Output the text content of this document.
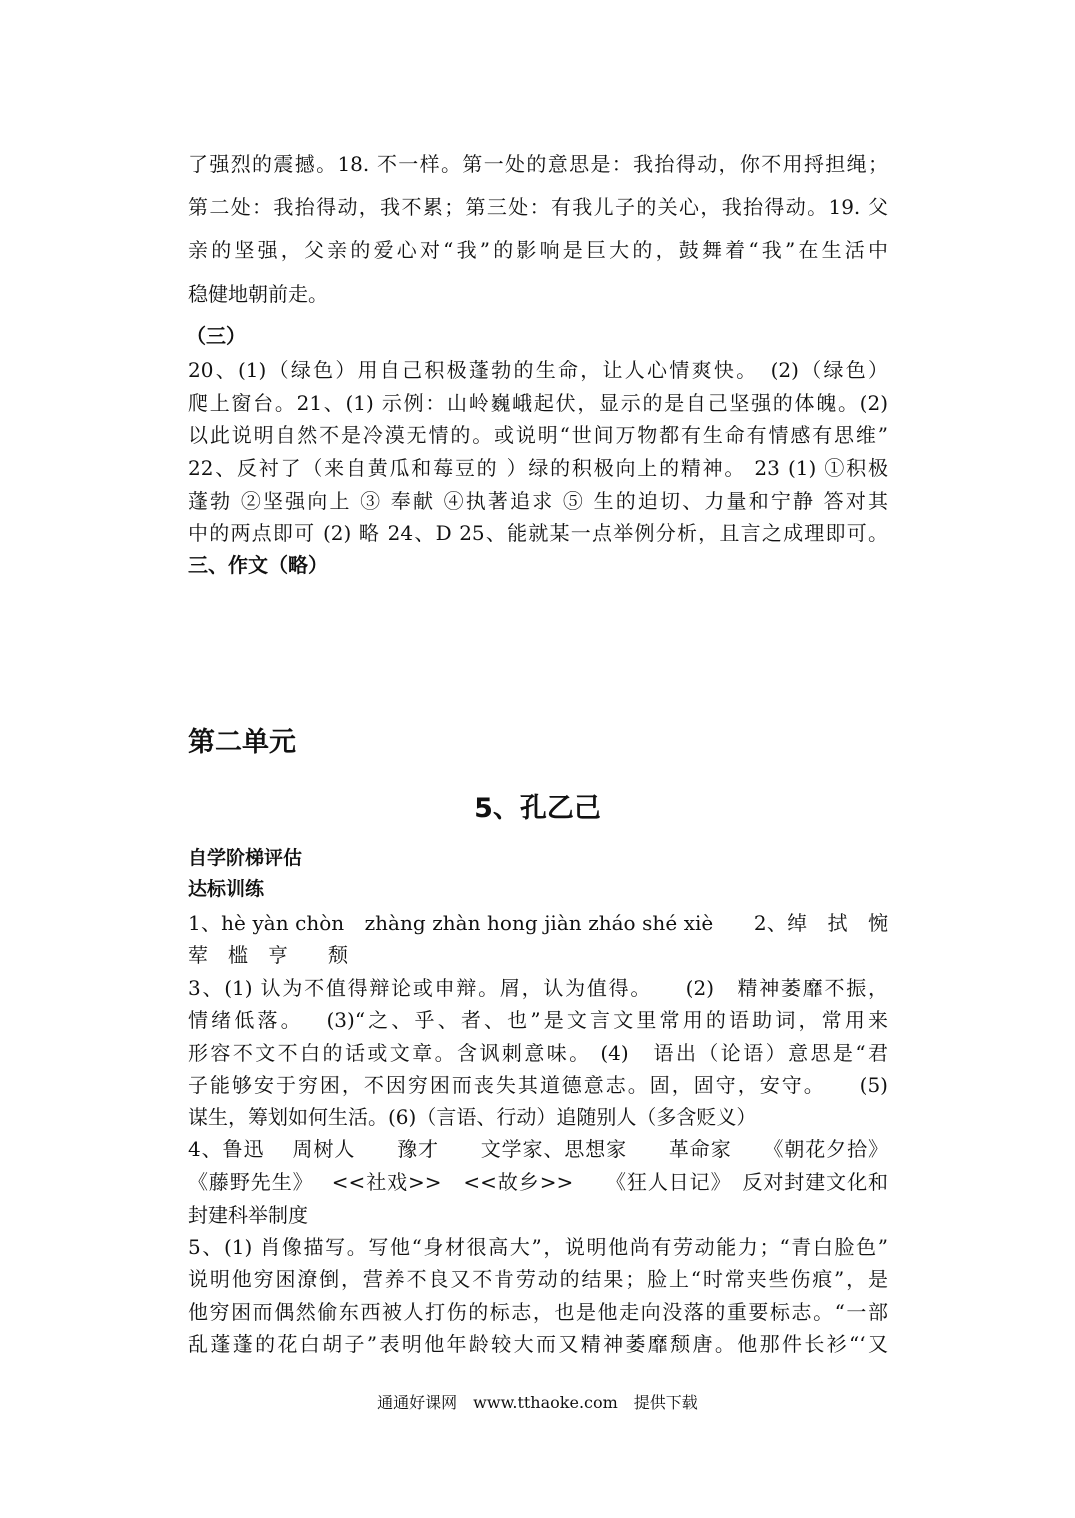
了强烈的震撼。18. 不一样。第一处的意思是：我抬得动，你不用捋担绳；
第二处：我抬得动，我不累；第三处：有我儿子的关心，我抬得动。19. 父
亲的坚强，父亲的爱心对“我”的影响是巨大的，鼓舞着“我”在生活中
稳健地朝前走。
（三）
20、(1)（绿色）用自己积极蓬勃的生命，让人心情爽快。　(2)（绿色）
爬上窗台。21、(1) 示例：山岭巍峨起伏，显示的是自己坚强的体魄。(2)
以此说明自然不是冷漠无情的。或说明“世间万物都有生命有情感有思维”
22、反衬了（来自黄瓜和莓豆的 ）绿的积极向上的精神。 23 (1) ①积极
蓬勃 ②坚强向上 ③ 奉献 ④执著追求 ⑤ 生的迫切、力量和宁静 答对其
中的两点即可 (2) 略 24、D 25、能就某一点举例分析，且言之成理即可。
三、作文（略）
第二单元
5、孔乙己
自学阶梯评估
达标训练
1、hè yàn chòn　zhàng zhàn hong jiàn zháo shé xiè　　2、绰　拭　惋
荤　槛　亨　　颓
3、(1) 认为不值得辩论或申辩。屑，认为值得。　　(2)　精神萎靡不振，
情绪低落。　 (3)“之、乎、者、也”是文言文里常用的语助词，常用来
形容不文不白的话或文章。含讽刺意味。 (4)　语出（论语）意思是“君
子能够安于穷困，不因穷困而丧失其道德意志。固，固守，安守。　　(5)
谋生，筹划如何生活。(6)（言语、行动）追随别人（多含贬义）
4、鲁迅　 周树人　　豫才　　文学家、思想家　　革命家　　《朝花夕拾》
《藤野先生》　 <<社戏>>　<<故乡>>　　《狂人日记》　反对封建文化和
封建科举制度
5、(1) 肖像描写。写他“身材很高大”，说明他尚有劳动能力；“青白脸色”
说明他穷困潦倒，营养不良又不肯劳动的结果；脸上“时常夹些伤痕”，是
他穷困而偶然偷东西被人打伤的标志，也是他走向没落的重要标志。“一部
乱蓬蓬的花白胡子”表明他年龄较大而又精神萎靡颓唐。他那件长衫“‘又
通通好课网　www.tthaoke.com　提供下载
